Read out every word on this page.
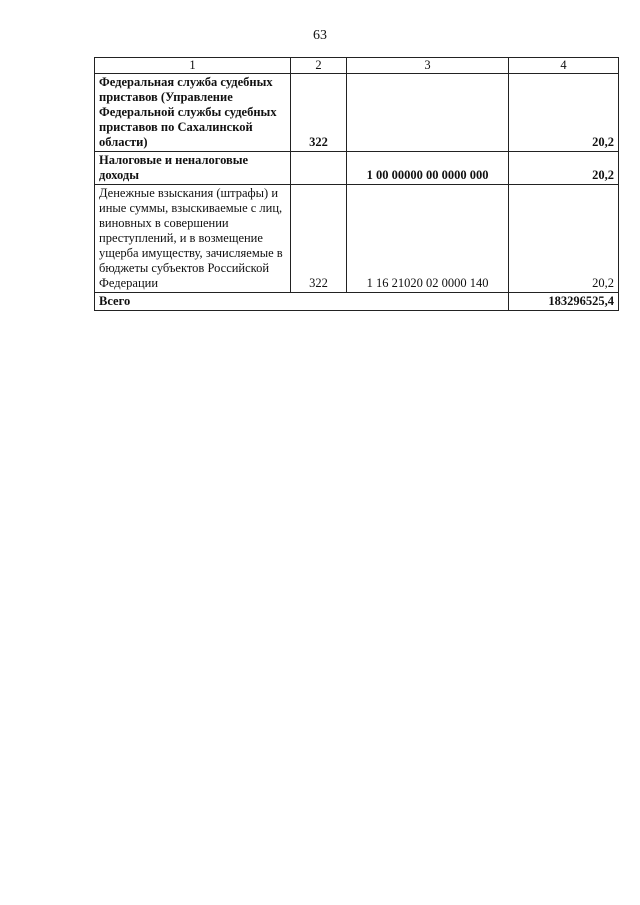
63
1	2	3	4
Федеральная служба судебных приставов (Управление Федеральной службы судебных приставов по Сахалинской области)	322		20,2
Налоговые и неналоговые доходы		1 00 00000 00 0000 000	20,2
Денежные взыскания (штрафы) и иные суммы, взыскиваемые с лиц, виновных в совершении преступлений, и в возмещение ущерба имуществу, зачисляемые в бюджеты субъектов Российской Федерации	322	1 16 21020 02 0000 140	20,2
Всего			183296525,4
